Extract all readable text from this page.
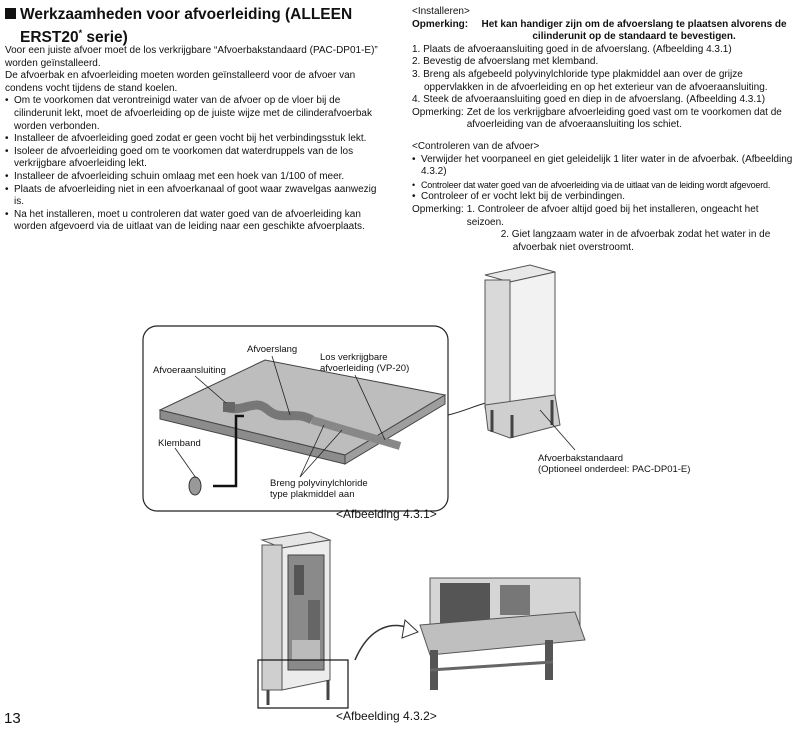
Werkzaamheden voor afvoerleiding (ALLEEN
ERST20* serie)

Voor een juiste afvoer moet de los verkrijgbare “Afvoerbakstandaard (PAC-DP01-E)” worden geïnstalleerd.

De afvoerbak en afvoerleiding moeten worden geïnstalleerd voor de afvoer van condens vocht tijdens de stand koelen.

• Om te voorkomen dat verontreinigd water van de afvoer op de vloer bij de cilinderunit lekt, moet de afvoerleiding op de juiste wijze met de cilinderafvoerbak worden verbonden.

• Installeer de afvoerleiding goed zodat er geen vocht bij het verbindingsstuk lekt.

• Isoleer de afvoerleiding goed om te voorkomen dat waterdruppels van de los verkrijgbare afvoerleiding lekt.

• Installeer de afvoerleiding schuin omlaag met een hoek van 1/100 of meer.

• Plaats de afvoerleiding niet in een afvoerkanaal of goot waar zwavelgas aanwezig is.

• Na het installeren, moet u controleren dat water goed van de afvoerleiding kan worden afgevoerd via de uitlaat van de leiding naar een geschikte afvoerplaats.

<Installeren>

Opmerking:	Het kan handiger zijn om de afvoerslang te plaatsen alvorens de cilinderunit op de standaard te bevestigen.

1. Plaats de afvoeraansluiting goed in de afvoerslang. (Afbeelding 4.3.1)

2. Bevestig de afvoerslang met klemband.

3. Breng als afgebeeld polyvinylchloride type plakmiddel aan over de grijze oppervlakken in de afvoerleiding en op het exterieur van de afvoeraansluiting.

4. Steek de afvoeraansluiting goed en diep in de afvoerslang. (Afbeelding 4.3.1)

Opmerking: Zet de los verkrijgbare afvoerleiding goed vast om te voorkomen dat de afvoerleiding van de afvoeraansluiting los schiet.

<Controleren van de afvoer>

• Verwijder het voorpaneel en giet geleidelijk 1 liter water in de afvoerbak. (Afbeelding 4.3.2)

• Controleer dat water goed van de afvoerleiding via de uitlaat van de leiding wordt afgevoerd.

• Controleer of er vocht lekt bij de verbindingen.

Opmerking: 1. Controleer de afvoer altijd goed bij het installeren, ongeacht het seizoen.
2. Giet langzaam water in de afvoerbak zodat het water in de afvoerbak niet overstroomt.
Afvoeraansluiting
Afvoerslang
Los verkrijgbare
afvoerleiding (VP-20)
Klemband
Breng polyvinylchloride
type plakmiddel aan
Afvoerbakstandaard
(Optioneel onderdeel: PAC-DP01-E)
<Afbeelding 4.3.1>
<Afbeelding 4.3.2>
13
